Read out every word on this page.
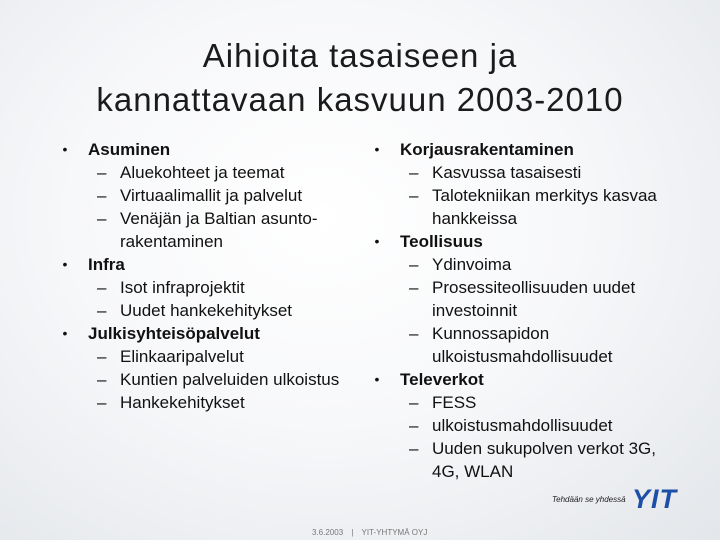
Aihioita tasaiseen ja
kannattavaan kasvuun 2003-2010
• Asuminen
– Aluekohteet ja teemat
– Virtuaalimallit ja palvelut
– Venäjän ja Baltian asunto-rakentaminen
• Infra
– Isot infraprojektit
– Uudet hankekehitykset
• Julkisyhteisöpalvelut
– Elinkaaripalvelut
– Kuntien palveluiden ulkoistus
– Hankekehitykset
• Korjausrakentaminen
– Kasvussa tasaisesti
– Talotekniikan merkitys kasvaa hankkeissa
• Teollisuus
– Ydinvoima
– Prosessiteollisuuden uudet investoinnit
– Kunnossapidon ulkoistusmahdollisuudet
• Televerkot
– FESS
– ulkoistusmahdollisuudet
– Uuden sukupolven verkot 3G, 4G, WLAN
Tehdään se yhdessä YIT
3.6.2003 | YIT-YHTYMÄ OYJ
